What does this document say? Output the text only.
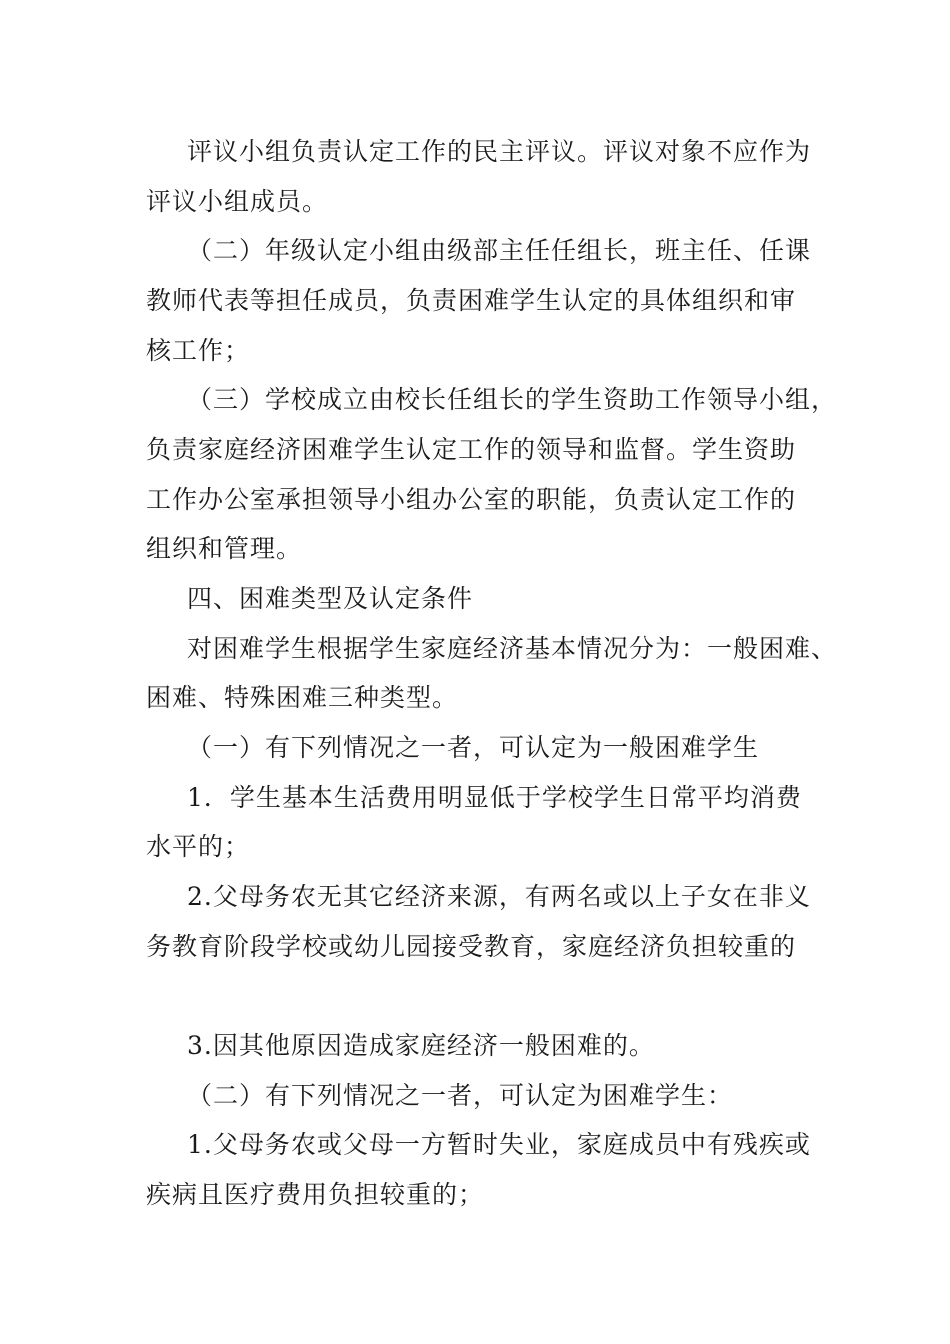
评议小组负责认定工作的民主评议。评议对象不应作为
评议小组成员。
（二）年级认定小组由级部主任任组长，班主任、任课
教师代表等担任成员，负责困难学生认定的具体组织和审
核工作；
（三）学校成立由校长任组长的学生资助工作领导小组，
负责家庭经济困难学生认定工作的领导和监督。学生资助
工作办公室承担领导小组办公室的职能，负责认定工作的
组织和管理。
四、困难类型及认定条件
对困难学生根据学生家庭经济基本情况分为：一般困难、
困难、特殊困难三种类型。
（一）有下列情况之一者，可认定为一般困难学生
1．学生基本生活费用明显低于学校学生日常平均消费
水平的；
2.父母务农无其它经济来源，有两名或以上子女在非义
务教育阶段学校或幼儿园接受教育，家庭经济负担较重的
3.因其他原因造成家庭经济一般困难的。
（二）有下列情况之一者，可认定为困难学生：
1.父母务农或父母一方暂时失业，家庭成员中有残疾或
疾病且医疗费用负担较重的；
